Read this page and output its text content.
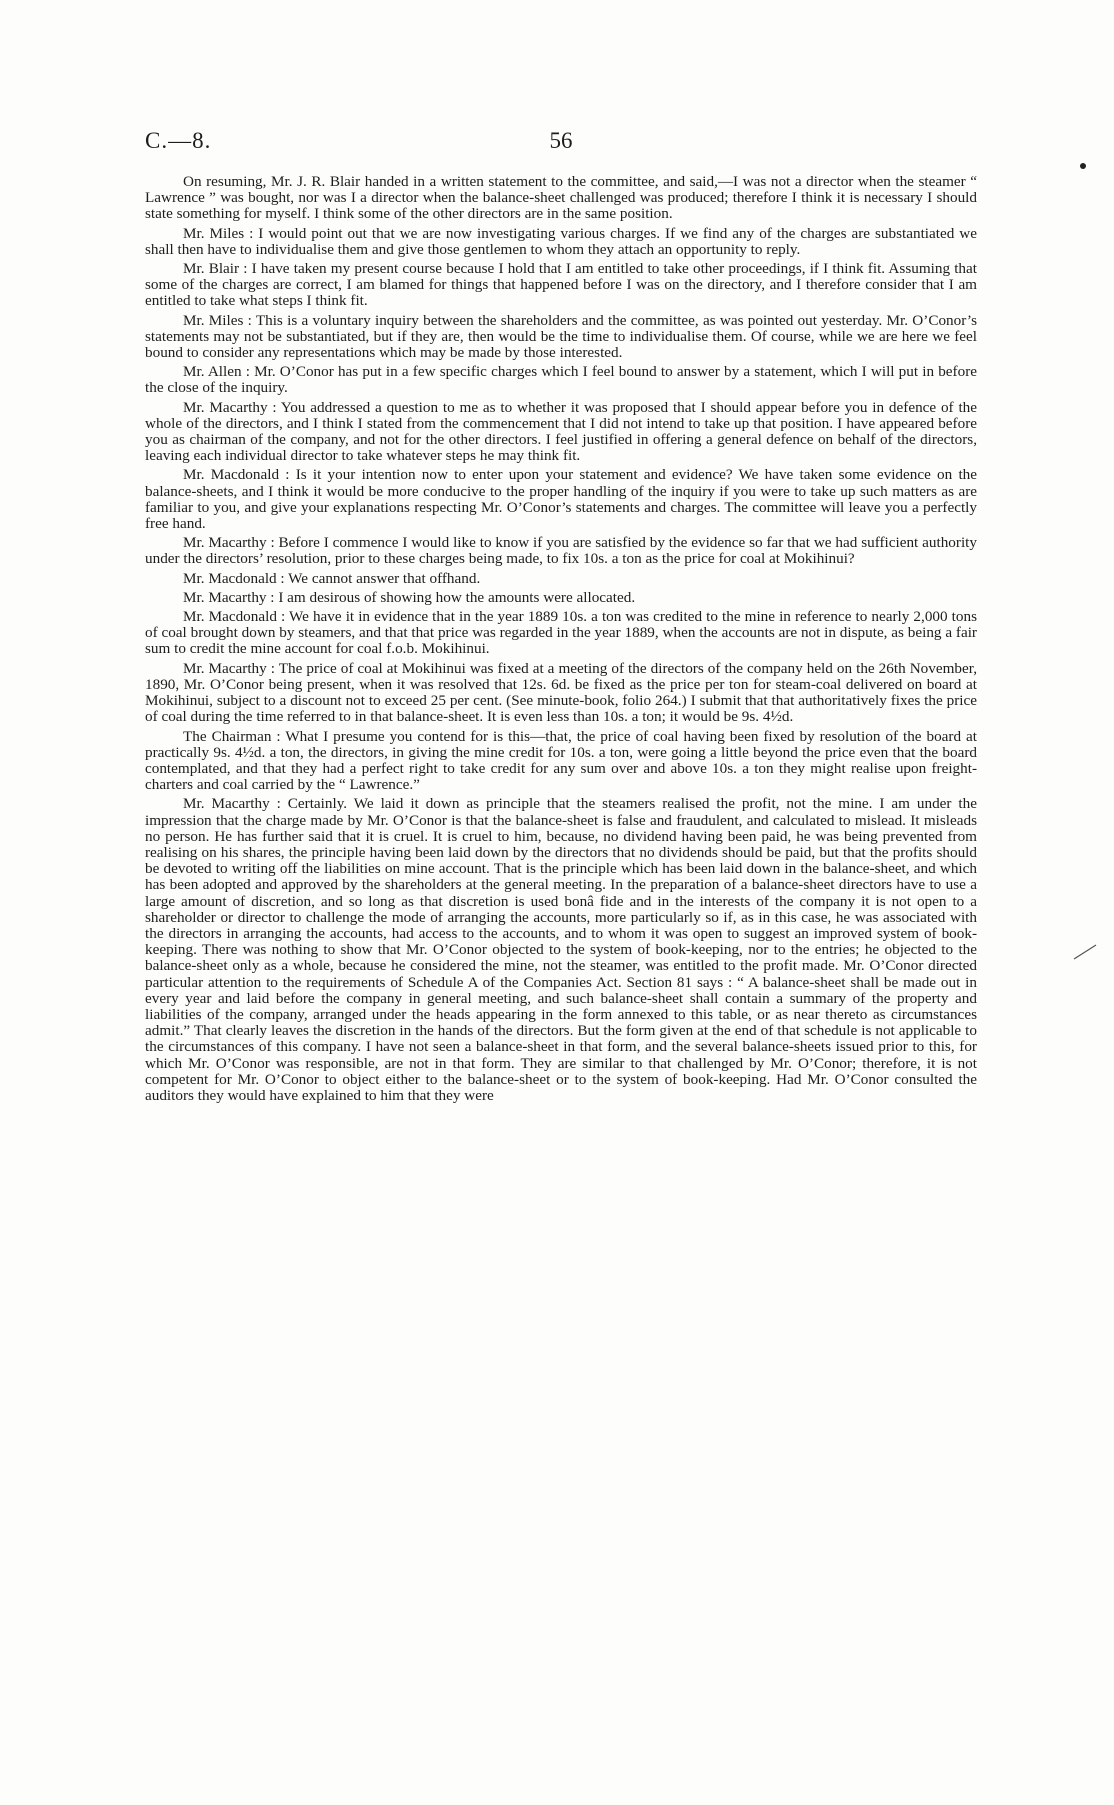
C.—8.	56

On resuming, Mr. J. R. Blair handed in a written statement to the committee, and said,—I was not a director when the steamer “ Lawrence ” was bought, nor was I a director when the balance-sheet challenged was produced; therefore I think it is necessary I should state something for myself. I think some of the other directors are in the same position.

Mr. Miles : I would point out that we are now investigating various charges. If we find any of the charges are substantiated we shall then have to individualise them and give those gentlemen to whom they attach an opportunity to reply.

Mr. Blair : I have taken my present course because I hold that I am entitled to take other proceedings, if I think fit. Assuming that some of the charges are correct, I am blamed for things that happened before I was on the directory, and I therefore consider that I am entitled to take what steps I think fit.

Mr. Miles : This is a voluntary inquiry between the shareholders and the committee, as was pointed out yesterday. Mr. O’Conor’s statements may not be substantiated, but if they are, then would be the time to individualise them. Of course, while we are here we feel bound to consider any representations which may be made by those interested.

Mr. Allen : Mr. O’Conor has put in a few specific charges which I feel bound to answer by a statement, which I will put in before the close of the inquiry.

Mr. Macarthy : You addressed a question to me as to whether it was proposed that I should appear before you in defence of the whole of the directors, and I think I stated from the commencement that I did not intend to take up that position. I have appeared before you as chairman of the company, and not for the other directors. I feel justified in offering a general defence on behalf of the directors, leaving each individual director to take whatever steps he may think fit.

Mr. Macdonald : Is it your intention now to enter upon your statement and evidence? We have taken some evidence on the balance-sheets, and I think it would be more conducive to the proper handling of the inquiry if you were to take up such matters as are familiar to you, and give your explanations respecting Mr. O’Conor’s statements and charges. The committee will leave you a perfectly free hand.

Mr. Macarthy : Before I commence I would like to know if you are satisfied by the evidence so far that we had sufficient authority under the directors’ resolution, prior to these charges being made, to fix 10s. a ton as the price for coal at Mokihinui?

Mr. Macdonald : We cannot answer that offhand.

Mr. Macarthy : I am desirous of showing how the amounts were allocated.

Mr. Macdonald : We have it in evidence that in the year 1889 10s. a ton was credited to the mine in reference to nearly 2,000 tons of coal brought down by steamers, and that that price was regarded in the year 1889, when the accounts are not in dispute, as being a fair sum to credit the mine account for coal f.o.b. Mokihinui.

Mr. Macarthy : The price of coal at Mokihinui was fixed at a meeting of the directors of the company held on the 26th November, 1890, Mr. O’Conor being present, when it was resolved that 12s. 6d. be fixed as the price per ton for steam-coal delivered on board at Mokihinui, subject to a discount not to exceed 25 per cent. (See minute-book, folio 264.) I submit that that authoritatively fixes the price of coal during the time referred to in that balance-sheet. It is even less than 10s. a ton; it would be 9s. 4½d.

The Chairman : What I presume you contend for is this—that, the price of coal having been fixed by resolution of the board at practically 9s. 4½d. a ton, the directors, in giving the mine credit for 10s. a ton, were going a little beyond the price even that the board contemplated, and that they had a perfect right to take credit for any sum over and above 10s. a ton they might realise upon freight-charters and coal carried by the “ Lawrence.”

Mr. Macarthy : Certainly. We laid it down as principle that the steamers realised the profit, not the mine. I am under the impression that the charge made by Mr. O’Conor is that the balance-sheet is false and fraudulent, and calculated to mislead. It misleads no person. He has further said that it is cruel. It is cruel to him, because, no dividend having been paid, he was being prevented from realising on his shares, the principle having been laid down by the directors that no dividends should be paid, but that the profits should be devoted to writing off the liabilities on mine account. That is the principle which has been laid down in the balance-sheet, and which has been adopted and approved by the shareholders at the general meeting. In the preparation of a balance-sheet directors have to use a large amount of discretion, and so long as that discretion is used bonâ fide and in the interests of the company it is not open to a shareholder or director to challenge the mode of arranging the accounts, more particularly so if, as in this case, he was associated with the directors in arranging the accounts, had access to the accounts, and to whom it was open to suggest an improved system of book-keeping. There was nothing to show that Mr. O’Conor objected to the system of book-keeping, nor to the entries; he objected to the balance-sheet only as a whole, because he considered the mine, not the steamer, was entitled to the profit made. Mr. O’Conor directed particular attention to the requirements of Schedule A of the Companies Act. Section 81 says : “ A balance-sheet shall be made out in every year and laid before the company in general meeting, and such balance-sheet shall contain a summary of the property and liabilities of the company, arranged under the heads appearing in the form annexed to this table, or as near thereto as circumstances admit.” That clearly leaves the discretion in the hands of the directors. But the form given at the end of that schedule is not applicable to the circumstances of this company. I have not seen a balance-sheet in that form, and the several balance-sheets issued prior to this, for which Mr. O’Conor was responsible, are not in that form. They are similar to that challenged by Mr. O’Conor; therefore, it is not competent for Mr. O’Conor to object either to the balance-sheet or to the system of book-keeping. Had Mr. O’Conor consulted the auditors they would have explained to him that they were
